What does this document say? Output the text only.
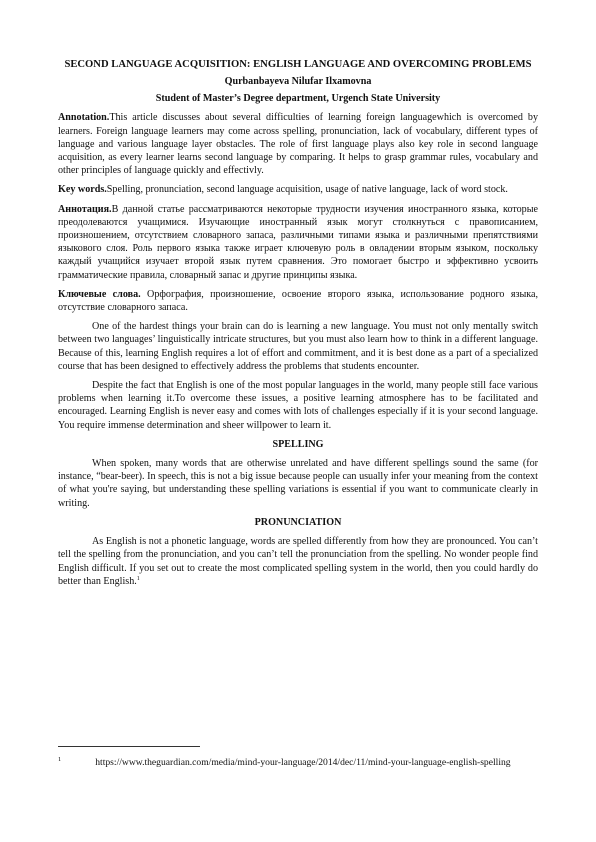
SECOND LANGUAGE ACQUISITION: ENGLISH LANGUAGE AND OVERCOMING PROBLEMS
Qurbanbayeva Nilufar Ilxamovna
Student of Master’s Degree department, Urgench State University

Annotation.This article discusses about several difficulties of learning foreign languagewhich is overcomed by learners. Foreign language learners may come across spelling, pronunciation, lack of vocabulary, different types of language and various language layer obstacles. The role of first language plays also key role in second language acquisition, as every learner learns second language by comparing. It helps to grasp grammar rules, vocabulary and other principles of language quickly and effectivly.

Key words.Spelling, pronunciation, second language acquisition, usage of native language, lack of word stock.

Аннотация.В данной статье рассматриваются некоторые трудности изучения иностранного языка, которые преодолеваются учащимися. Изучающие иностранный язык могут столкнуться с правописанием, произношением, отсутствием словарного запаса, различными типами языка и различными препятствиями языкового слоя. Роль первого языка также играет ключевую роль в овладении вторым языком, поскольку каждый учащийся изучает второй язык путем сравнения. Это помогает быстро и эффективно усвоить грамматические правила, словарный запас и другие принципы языка.

Ключевые слова. Орфография, произношение, освоение второго языка, использование родного языка, отсутствие словарного запаса.

One of the hardest things your brain can do is learning a new language. You must not only mentally switch between two languages’ linguistically intricate structures, but you must also learn how to think in a different language. Because of this, learning English requires a lot of effort and commitment, and it is best done as a part of a specialized course that has been designed to effectively address the problems that students encounter.

Despite the fact that English is one of the most popular languages in the world, many people still face various problems when learning it.To overcome these issues, a positive learning atmosphere has to be facilitated and encouraged. Learning English is never easy and comes with lots of challenges especially if it is your second language. You require immense determination and sheer willpower to learn it.

SPELLING

When spoken, many words that are otherwise unrelated and have different spellings sound the same (for instance, “bear-beer). In speech, this is not a big issue because people can usually infer your meaning from the context of what you're saying, but understanding these spelling variations is essential if you want to communicate clearly in writing.

PRONUNCIATION

As English is not a phonetic language, words are spelled differently from how they are pronounced. You can’t tell the spelling from the pronunciation, and you can’t tell the pronunciation from the spelling. No wonder people find English difficult. If you set out to create the most complicated spelling system in the world, then you could hardly do better than English.$^1$

$^1$	https://www.theguardian.com/media/mind-your-language/2014/dec/11/mind-your-language-english-spelling
